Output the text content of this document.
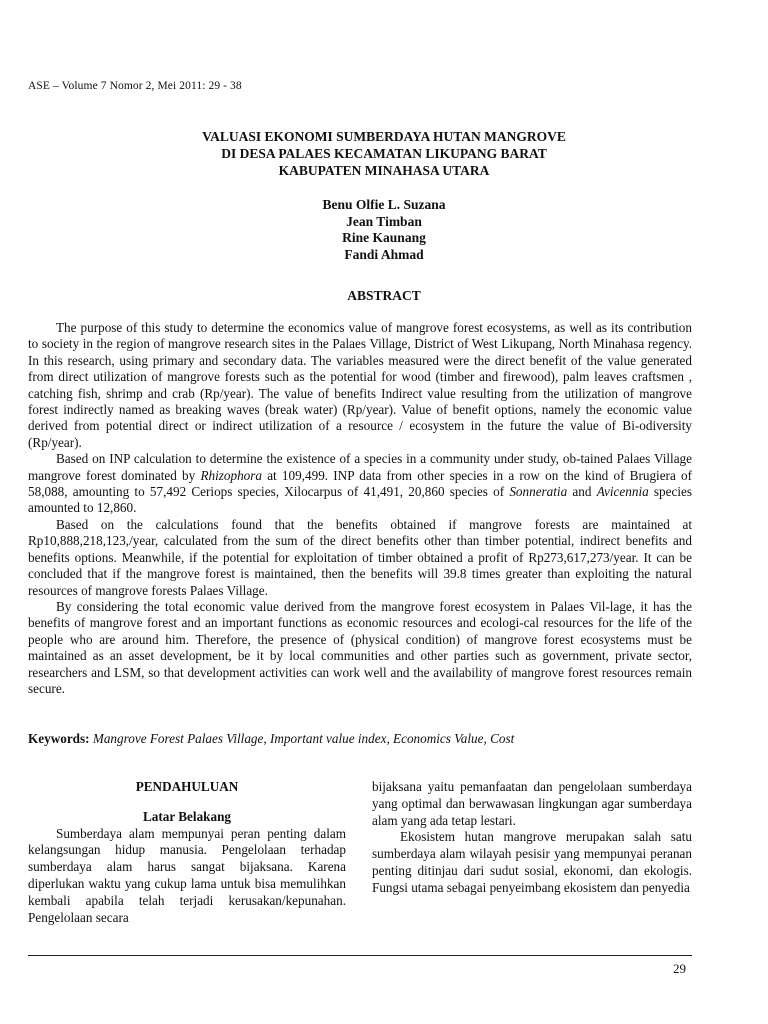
ASE – Volume 7 Nomor 2, Mei 2011: 29 - 38
VALUASI EKONOMI SUMBERDAYA HUTAN MANGROVE
DI DESA PALAES KECAMATAN LIKUPANG BARAT
KABUPATEN MINAHASA UTARA
Benu Olfie L. Suzana
Jean Timban
Rine Kaunang
Fandi Ahmad
ABSTRACT

The purpose of this study to determine the economics value of mangrove forest ecosystems, as well as its contribution to society in the region of mangrove research sites in the Palaes Village, District of West Likupang, North Minahasa regency. In this research, using primary and secondary data. The variables measured were the direct benefit of the value generated from direct utilization of mangrove forests such as the potential for wood (timber and firewood), palm leaves craftsmen , catching fish, shrimp and crab (Rp/year). The value of benefits Indirect value resulting from the utilization of mangrove forest indirectly named as breaking waves (break water) (Rp/year). Value of benefit options, namely the economic value derived from potential direct or indirect utilization of a resource / ecosystem in the future the value of Bi-odiversity (Rp/year).

Based on INP calculation to determine the existence of a species in a community under study, ob-tained Palaes Village mangrove forest dominated by Rhizophora at 109,499. INP data from other species in a row on the kind of Brugiera of 58,088, amounting to 57,492 Ceriops species, Xilocarpus of 41,491, 20,860 species of Sonneratia and Avicennia species amounted to 12,860.

Based on the calculations found that the benefits obtained if mangrove forests are maintained at Rp10,888,218,123,/year, calculated from the sum of the direct benefits other than timber potential, indirect benefits and benefits options. Meanwhile, if the potential for exploitation of timber obtained a profit of Rp273,617,273/year. It can be concluded that if the mangrove forest is maintained, then the benefits will 39.8 times greater than exploiting the natural resources of mangrove forests Palaes Village.

By considering the total economic value derived from the mangrove forest ecosystem in Palaes Vil-lage, it has the benefits of mangrove forest and an important functions as economic resources and ecologi-cal resources for the life of the people who are around him. Therefore, the presence of (physical condition) of mangrove forest ecosystems must be maintained as an asset development, be it by local communities and other parties such as government, private sector, researchers and LSM, so that development activities can work well and the availability of mangrove forest resources remain secure.

Keywords: Mangrove Forest Palaes Village, Important value index, Economics Value, Cost
PENDAHULUAN
Latar Belakang

Sumberdaya alam mempunyai peran penting dalam kelangsungan hidup manusia. Pengelolaan terhadap sumberdaya alam harus sangat bijaksana. Karena diperlukan waktu yang cukup lama untuk bisa memulihkan kembali apabila telah terjadi kerusakan/kepunahan. Pengelolaan secara

bijaksana yaitu pemanfaatan dan pengelolaan sumberdaya yang optimal dan berwawasan lingkungan agar sumberdaya alam yang ada tetap lestari.

Ekosistem hutan mangrove merupakan salah satu sumberdaya alam wilayah pesisir yang mempunyai peranan penting ditinjau dari sudut sosial, ekonomi, dan ekologis. Fungsi utama sebagai penyeimbang ekosistem dan penyedia

29
